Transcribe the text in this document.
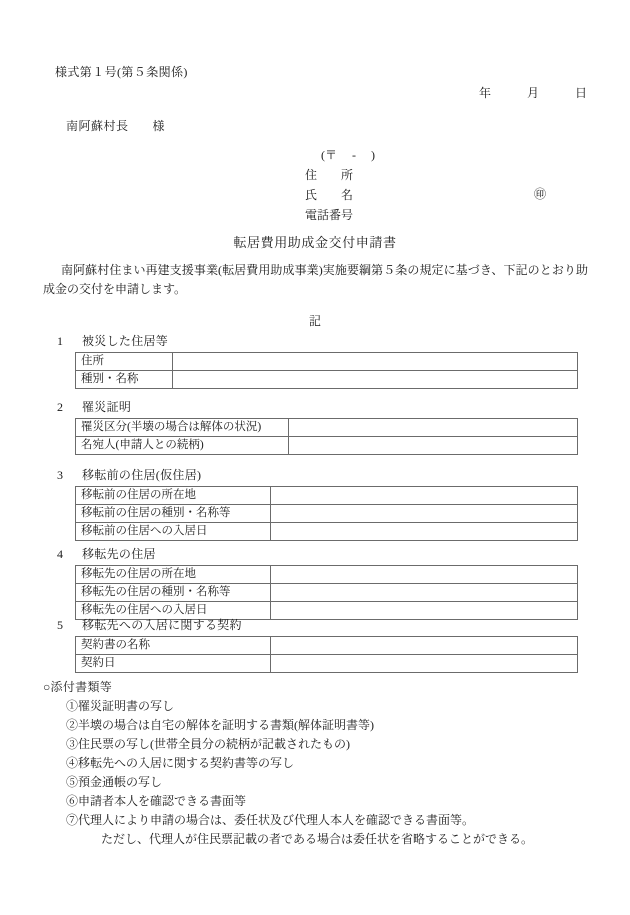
様式第１号(第５条関係)
年	月	日
南阿蘇村長 様
(〒 - )
住　　所
氏　　名	㊞
電話番号
転居費用助成金交付申請書
南阿蘇村住まい再建支援事業(転居費用助成事業)実施要綱第５条の規定に基づき、下記のとおり助成金の交付を申請します。
記
1 被災した住居等
住所	
種別・名称	
2 罹災証明
罹災区分(半壊の場合は解体の状況)	
名宛人(申請人との続柄)	
3 移転前の住居(仮住居)
移転前の住居の所在地	
移転前の住居の種別・名称等	
移転前の住居への入居日	
4 移転先の住居
移転先の住居の所在地	
移転先の住居の種別・名称等	
移転先の住居への入居日	
5 移転先への入居に関する契約
契約書の名称	
契約日	

○添付書類等

①罹災証明書の写し
②半壊の場合は自宅の解体を証明する書類(解体証明書等)
③住民票の写し(世帯全員分の続柄が記載されたもの)
④移転先への入居に関する契約書等の写し
⑤預金通帳の写し
⑥申請者本人を確認できる書面等
⑦代理人により申請の場合は、委任状及び代理人本人を確認できる書面等。

ただし、代理人が住民票記載の者である場合は委任状を省略することができる。
